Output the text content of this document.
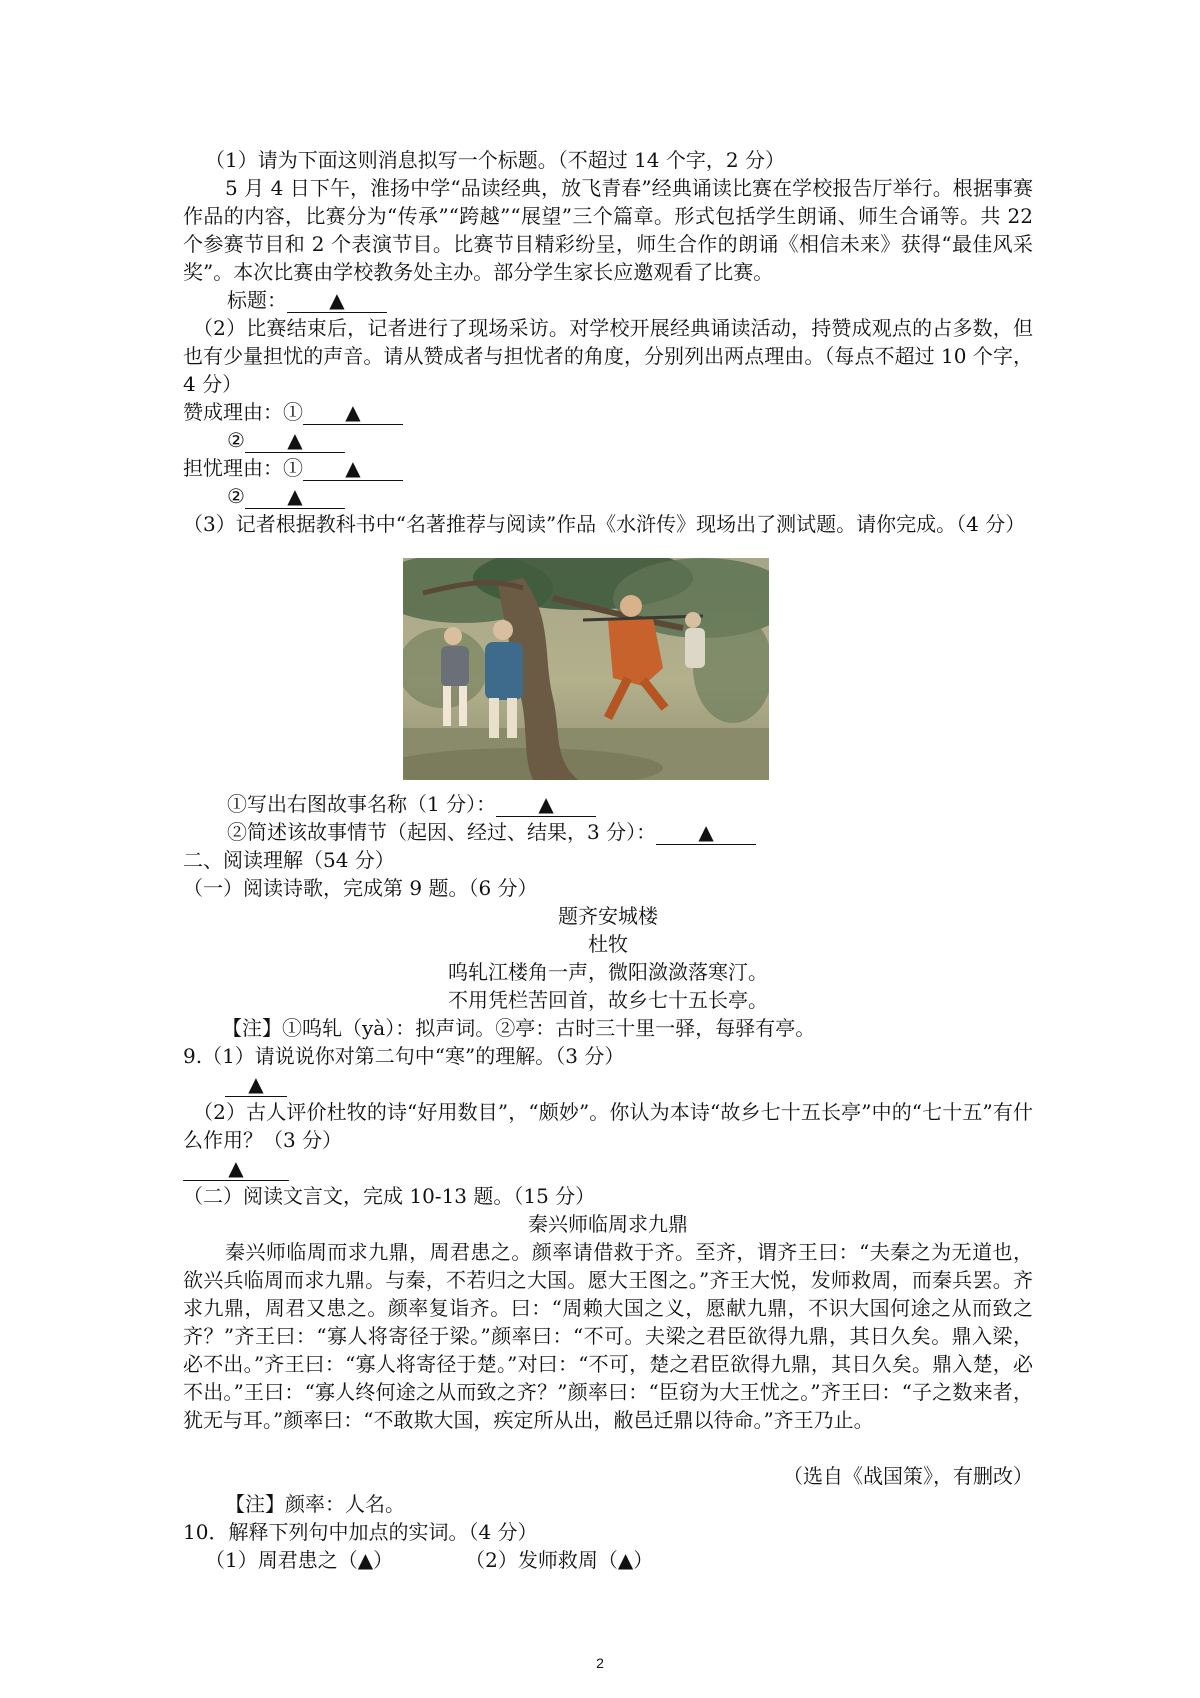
（1）请为下面这则消息拟写一个标题。（不超过 14 个字，2 分）

5 月 4 日下午，淮扬中学“品读经典，放飞青春”经典诵读比赛在学校报告厅举行。根据事赛作品的内容，比赛分为“传承”“跨越”“展望”三个篇章。形式包括学生朗诵、师生合诵等。共 22 个参赛节目和 2 个表演节目。比赛节目精彩纷呈，师生合作的朗诵《相信未来》获得“最佳风采奖”。本次比赛由学校教务处主办。部分学生家长应邀观看了比赛。

标题： ▲
（2）比赛结束后，记者进行了现场采访。对学校开展经典诵读活动，持赞成观点的占多数，但也有少量担忧的声音。请从赞成者与担忧者的角度，分别列出两点理由。（每点不超过 10 个字，4 分）
赞成理由：① ▲
② ▲
担忧理由：① ▲
② ▲
（3）记者根据教科书中“名著推荐与阅读”作品《水浒传》现场出了测试题。请你完成。（4 分）
①写出右图故事名称（1 分）： ▲
②简述该故事情节（起因、经过、结果，3 分）： ▲
二、阅读理解（54 分）
（一）阅读诗歌，完成第 9 题。（6 分）
题齐安城楼
杜牧
呜轧江楼角一声，微阳潋潋落寒汀。
不用凭栏苦回首，故乡七十五长亭。
【注】①呜轧（yà）：拟声词。②亭：古时三十里一驿，每驿有亭。
9.（1）请说说你对第二句中“寒”的理解。（3 分）
▲
（2）古人评价杜牧的诗“好用数目”，“颇妙”。你认为本诗“故乡七十五长亭”中的“七十五”有什么作用？（3 分）
▲
（二）阅读文言文，完成 10-13 题。（15 分）
秦兴师临周求九鼎

秦兴师临周而求九鼎，周君患之。颜率请借救于齐。至齐，谓齐王曰：“夫秦之为无道也，欲兴兵临周而求九鼎。与秦，不若归之大国。愿大王图之。”齐王大悦，发师救周，而秦兵罢。齐求九鼎，周君又患之。颜率复诣齐。曰：“周赖大国之义，愿献九鼎，不识大国何途之从而致之齐？”齐王曰：“寡人将寄径于梁。”颜率曰：“不可。夫梁之君臣欲得九鼎，其日久矣。鼎入梁，必不出。”齐王曰：“寡人将寄径于楚。”对曰：“不可，楚之君臣欲得九鼎，其日久矣。鼎入楚，必不出。”王曰：“寡人终何途之从而致之齐？”颜率曰：“臣窃为大王忧之。”齐王曰：“子之数来者，犹无与耳。”颜率曰：“不敢欺大国，疾定所从出，敝邑迁鼎以待命。”齐王乃止。

（选自《战国策》，有删改）
【注】颜率：人名。
10．解释下列句中加点的实词。（4 分）
（1）周君患之（▲）	（2）发师救周（▲）
2
